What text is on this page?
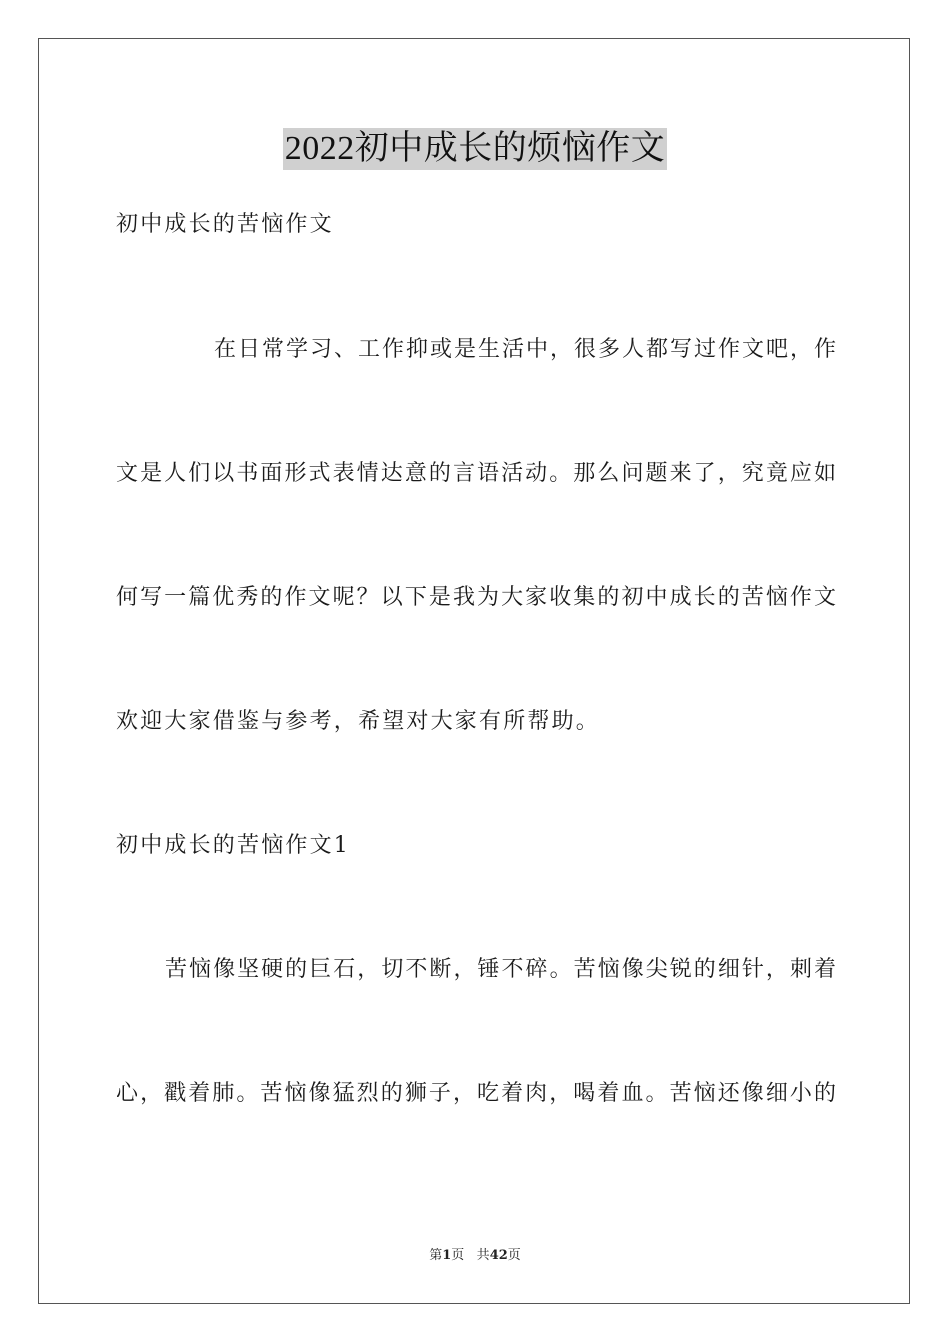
2022初中成长的烦恼作文
初中成长的苦恼作文
在日常学习、工作抑或是生活中，很多人都写过作文吧，作
文是人们以书面形式表情达意的言语活动。那么问题来了，究竟应如
何写一篇优秀的作文呢？以下是我为大家收集的初中成长的苦恼作文
欢迎大家借鉴与参考，希望对大家有所帮助。
初中成长的苦恼作文1
苦恼像坚硬的巨石，切不断，锤不碎。苦恼像尖锐的细针，刺着
心，戳着肺。苦恼像猛烈的狮子，吃着肉，喝着血。苦恼还像细小的
第1页 共42页
